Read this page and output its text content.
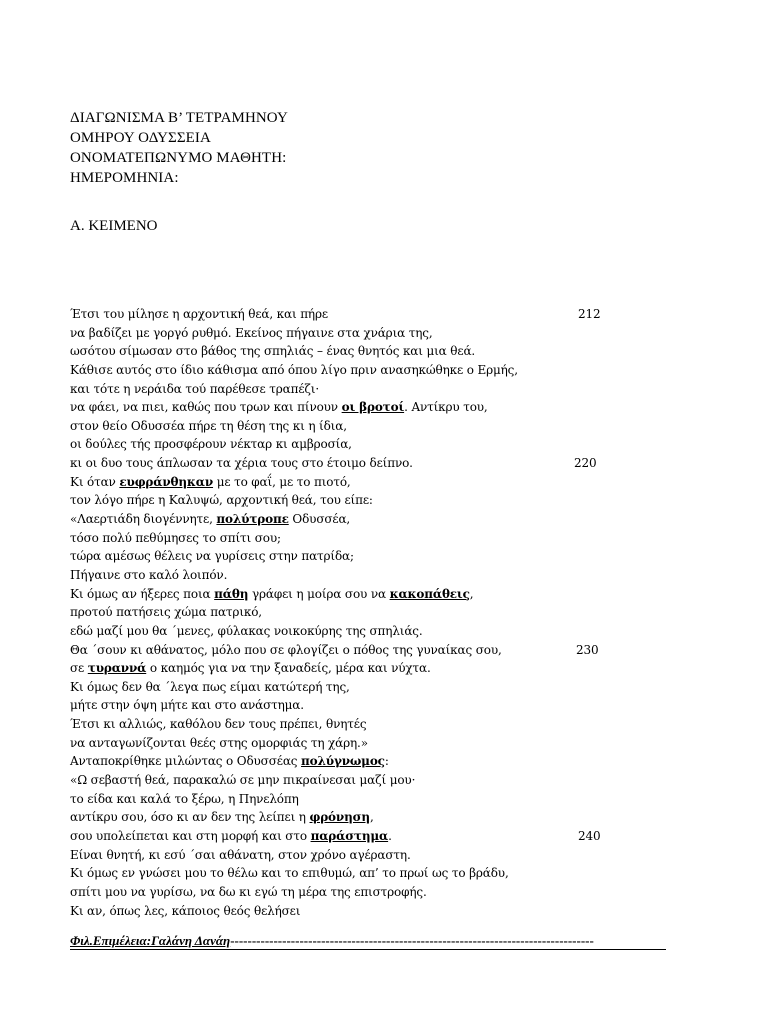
ΔΙΑΓΩΝΙΣΜΑ Β’ ΤΕΤΡΑΜΗΝΟΥ
ΟΜΗΡΟΥ ΟΔΥΣΣΕΙΑ
ΟΝΟΜΑΤΕΠΩΝΥΜΟ ΜΑΘΗΤΗ:
ΗΜΕΡΟΜΗΝΙΑ:
Α. ΚΕΙΜΕΝΟ
Έτσι του μίλησε η αρχοντική θεά, και πήρε	212
να βαδίζει με γοργό ρυθμό. Εκείνος πήγαινε στα χνάρια της,
ωσότου σίμωσαν στο βάθος της σπηλιάς – ένας θνητός και μια θεά.
Κάθισε αυτός στο ίδιο κάθισμα από όπου λίγο πριν ανασηκώθηκε ο Ερμής,
και τότε η νεράιδα τού παρέθεσε τραπέζι·
να φάει, να πιει, καθώς που τρων και πίνουν οι βροτοί. Αντίκρυ του,
στον θείο Οδυσσέα πήρε τη θέση της κι η ίδια,
οι δούλες τής προσφέρουν νέκταρ κι αμβροσία,
κι οι δυο τους άπλωσαν τα χέρια τους στο έτοιμο δείπνο.	220
Κι όταν ευφράνθηκαν με το φαΐ, με το πιοτό,
τον λόγο πήρε η Καλυψώ, αρχοντική θεά, του είπε:
«Λαερτιάδη διογέννητε, πολύτροπε Οδυσσέα,
τόσο πολύ πεθύμησες το σπίτι σου;
τώρα αμέσως θέλεις να γυρίσεις στην πατρίδα;
Πήγαινε στο καλό λοιπόν.
Κι όμως αν ήξερες ποια πάθη γράφει η μοίρα σου να κακοπάθεις,
προτού πατήσεις χώμα πατρικό,
εδώ μαζί μου θα ΄μενες, φύλακας νοικοκύρης της σπηλιάς.
Θα ΄σουν κι αθάνατος, μόλο που σε φλογίζει ο πόθος της γυναίκας σου,	230
σε τυραννά ο καημός για να την ξαναδείς, μέρα και νύχτα.
Κι όμως δεν θα ΄λεγα πως είμαι κατώτερή της,
μήτε στην όψη μήτε και στο ανάστημα.
Έτσι κι αλλιώς, καθόλου δεν τους πρέπει, θνητές
να ανταγωνίζονται θεές στης ομορφιάς τη χάρη.»
Ανταποκρίθηκε μιλώντας ο Οδυσσέας πολύγνωμος:
«Ω σεβαστή θεά, παρακαλώ σε μην πικραίνεσαι μαζί μου·
το είδα και καλά το ξέρω, η Πηνελόπη
αντίκρυ σου, όσο κι αν δεν της λείπει η φρόνηση,
σου υπολείπεται και στη μορφή και στο παράστημα.	240
Είναι θνητή, κι εσύ ΄σαι αθάνατη, στον χρόνο αγέραστη.
Κι όμως εν γνώσει μου το θέλω και το επιθυμώ, απ’ το πρωί ως το βράδυ,
σπίτι μου να γυρίσω, να δω κι εγώ τη μέρα της επιστροφής.
Κι αν, όπως λες, κάποιος θεός θελήσει
Φιλ.Επιμέλεια:Γαλάνη Δανάη------------------------------------------------------------------------------------
